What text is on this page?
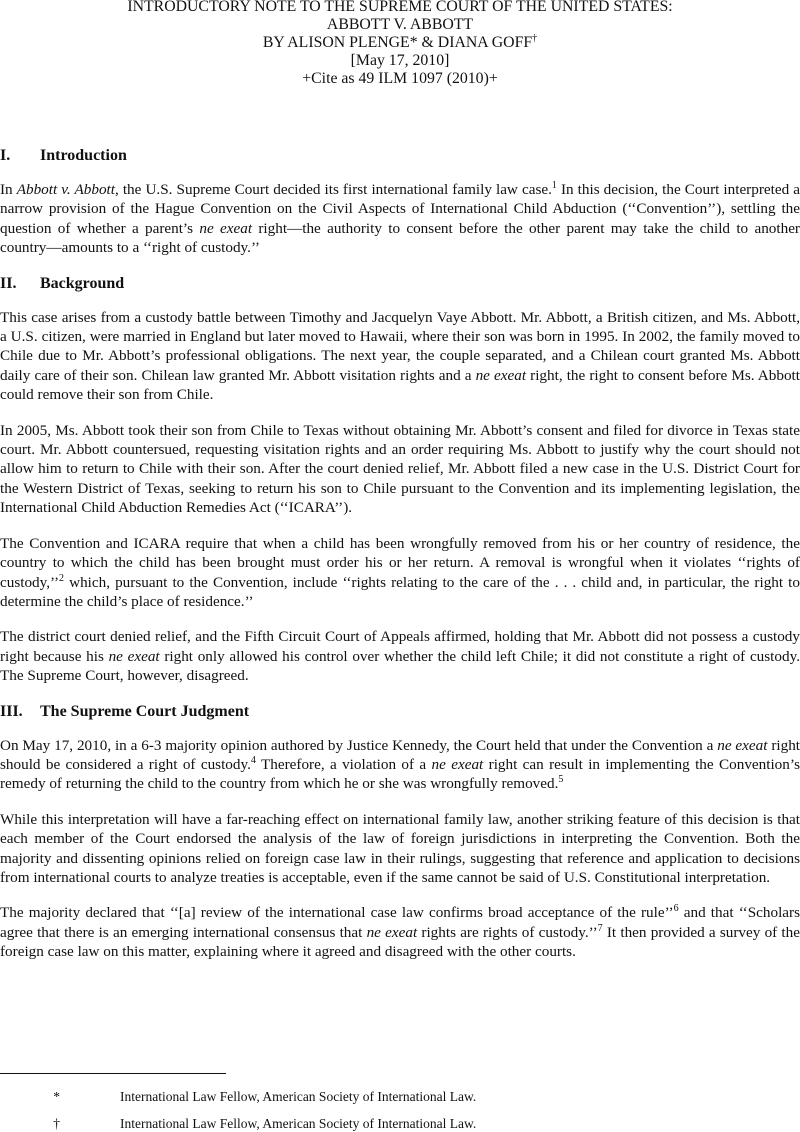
INTRODUCTORY NOTE TO THE SUPREME COURT OF THE UNITED STATES:
ABBOTT V. ABBOTT
BY ALISON PLENGE* & DIANA GOFF†
[May 17, 2010]
+Cite as 49 ILM 1097 (2010)+
I. Introduction

In Abbott v. Abbott, the U.S. Supreme Court decided its first international family law case.$^1$ In this decision, the Court interpreted a narrow provision of the Hague Convention on the Civil Aspects of International Child Abduction (‘‘Convention’’), settling the question of whether a parent’s ne exeat right—the authority to consent before the other parent may take the child to another country—amounts to a ‘‘right of custody.’’

II. Background

This case arises from a custody battle between Timothy and Jacquelyn Vaye Abbott. Mr. Abbott, a British citizen, and Ms. Abbott, a U.S. citizen, were married in England but later moved to Hawaii, where their son was born in 1995. In 2002, the family moved to Chile due to Mr. Abbott’s professional obligations. The next year, the couple separated, and a Chilean court granted Ms. Abbott daily care of their son. Chilean law granted Mr. Abbott visitation rights and a ne exeat right, the right to consent before Ms. Abbott could remove their son from Chile.

In 2005, Ms. Abbott took their son from Chile to Texas without obtaining Mr. Abbott’s consent and filed for divorce in Texas state court. Mr. Abbott countersued, requesting visitation rights and an order requiring Ms. Abbott to justify why the court should not allow him to return to Chile with their son. After the court denied relief, Mr. Abbott filed a new case in the U.S. District Court for the Western District of Texas, seeking to return his son to Chile pursuant to the Convention and its implementing legislation, the International Child Abduction Remedies Act (‘‘ICARA’’).

The Convention and ICARA require that when a child has been wrongfully removed from his or her country of residence, the country to which the child has been brought must order his or her return. A removal is wrongful when it violates ‘‘rights of custody,’’$^2$ which, pursuant to the Convention, include ‘‘rights relating to the care of the . . . child and, in particular, the right to determine the child’s place of residence.’’

The district court denied relief, and the Fifth Circuit Court of Appeals affirmed, holding that Mr. Abbott did not possess a custody right because his ne exeat right only allowed his control over whether the child left Chile; it did not constitute a right of custody. The Supreme Court, however, disagreed.

III. The Supreme Court Judgment

On May 17, 2010, in a 6-3 majority opinion authored by Justice Kennedy, the Court held that under the Convention a ne exeat right should be considered a right of custody.$^4$ Therefore, a violation of a ne exeat right can result in implementing the Convention’s remedy of returning the child to the country from which he or she was wrongfully removed.$^5$

While this interpretation will have a far-reaching effect on international family law, another striking feature of this decision is that each member of the Court endorsed the analysis of the law of foreign jurisdictions in interpreting the Convention. Both the majority and dissenting opinions relied on foreign case law in their rulings, suggesting that reference and application to decisions from international courts to analyze treaties is acceptable, even if the same cannot be said of U.S. Constitutional interpretation.

The majority declared that ‘‘[a] review of the international case law confirms broad acceptance of the rule’’$^6$ and that ‘‘Scholars agree that there is an emerging international consensus that ne exeat rights are rights of custody.’’$^7$ It then provided a survey of the foreign case law on this matter, explaining where it agreed and disagreed with the other courts.

*	International Law Fellow, American Society of International Law.
†	International Law Fellow, American Society of International Law.
